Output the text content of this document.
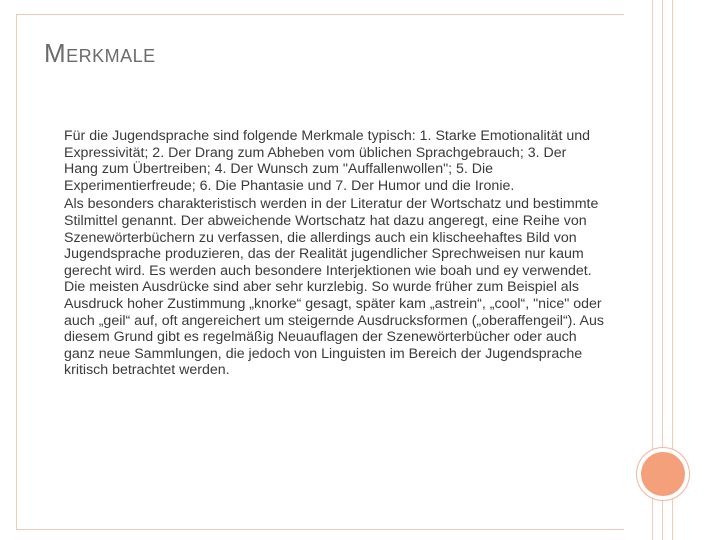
Merkmale

Für die Jugendsprache sind folgende Merkmale typisch: 1. Starke Emotionalität und Expressivität; 2. Der Drang zum Abheben vom üblichen Sprachgebrauch; 3. Der Hang zum Übertreiben; 4. Der Wunsch zum "Auffallenwollen"; 5. Die Experimentierfreude; 6. Die Phantasie und 7. Der Humor und die Ironie.

Als besonders charakteristisch werden in der Literatur der Wortschatz und bestimmte Stilmittel genannt. Der abweichende Wortschatz hat dazu angeregt, eine Reihe von Szenewörterbüchern zu verfassen, die allerdings auch ein klischeehaftes Bild von Jugendsprache produzieren, das der Realität jugendlicher Sprechweisen nur kaum gerecht wird. Es werden auch besondere Interjektionen wie boah und ey verwendet. Die meisten Ausdrücke sind aber sehr kurzlebig. So wurde früher zum Beispiel als Ausdruck hoher Zustimmung „knorke“ gesagt, später kam „astrein“, „cool“, "nice" oder auch „geil“ auf, oft angereichert um steigernde Ausdrucksformen („oberaffengeil“). Aus diesem Grund gibt es regelmäßig Neuauflagen der Szenewörterbücher oder auch ganz neue Sammlungen, die jedoch von Linguisten im Bereich der Jugendsprache kritisch betrachtet werden.
